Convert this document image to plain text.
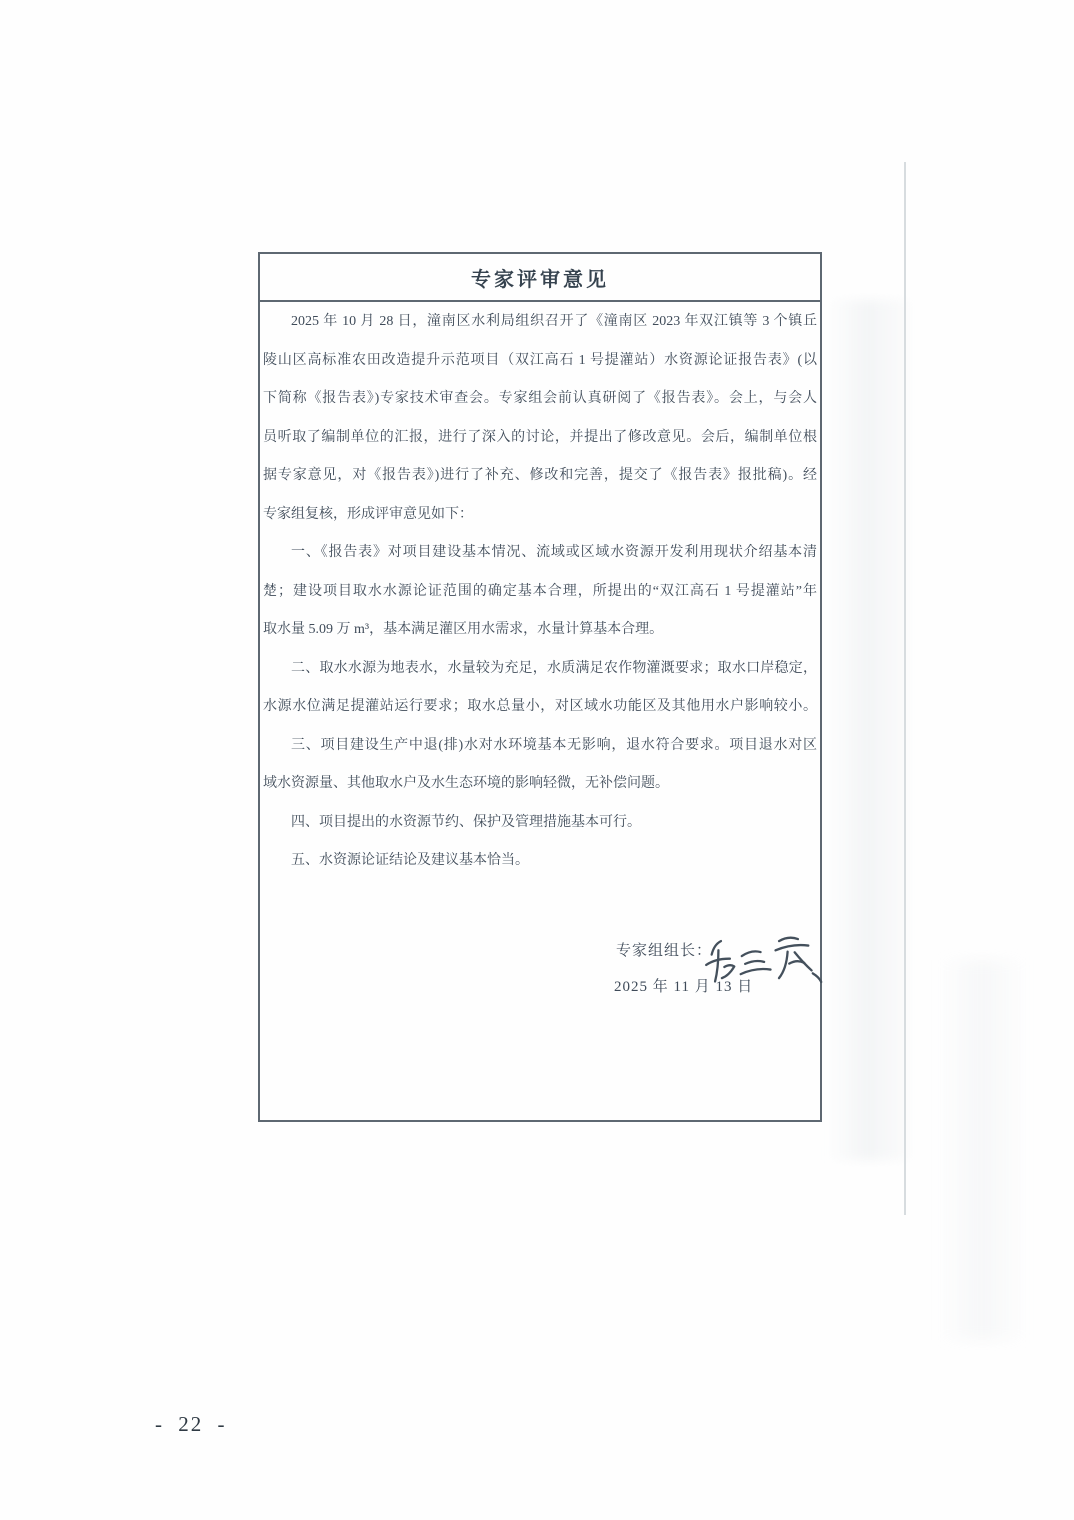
专家评审意见
2025 年 10 月 28 日，潼南区水利局组织召开了《潼南区 2023 年双江镇等 3 个镇丘
陵山区高标准农田改造提升示范项目（双江高石 1 号提灌站）水资源论证报告表》(以
下简称《报告表》)专家技术审查会。专家组会前认真研阅了《报告表》。会上，与会人
员听取了编制单位的汇报，进行了深入的讨论，并提出了修改意见。会后，编制单位根
据专家意见，对《报告表》)进行了补充、修改和完善，提交了《报告表》报批稿)。经
专家组复核，形成评审意见如下：
一、《报告表》对项目建设基本情况、流域或区域水资源开发利用现状介绍基本清
楚；建设项目取水水源论证范围的确定基本合理，所提出的“双江高石 1 号提灌站”年
取水量 5.09 万 m³，基本满足灌区用水需求，水量计算基本合理。
二、取水水源为地表水，水量较为充足，水质满足农作物灌溉要求；取水口岸稳定，
水源水位满足提灌站运行要求；取水总量小，对区域水功能区及其他用水户影响较小。
三、项目建设生产中退(排)水对水环境基本无影响，退水符合要求。项目退水对区
域水资源量、其他取水户及水生态环境的影响轻微，无补偿问题。
四、项目提出的水资源节约、保护及管理措施基本可行。
五、水资源论证结论及建议基本恰当。
专家组组长：
2025 年 11 月 13 日
- 22 -
